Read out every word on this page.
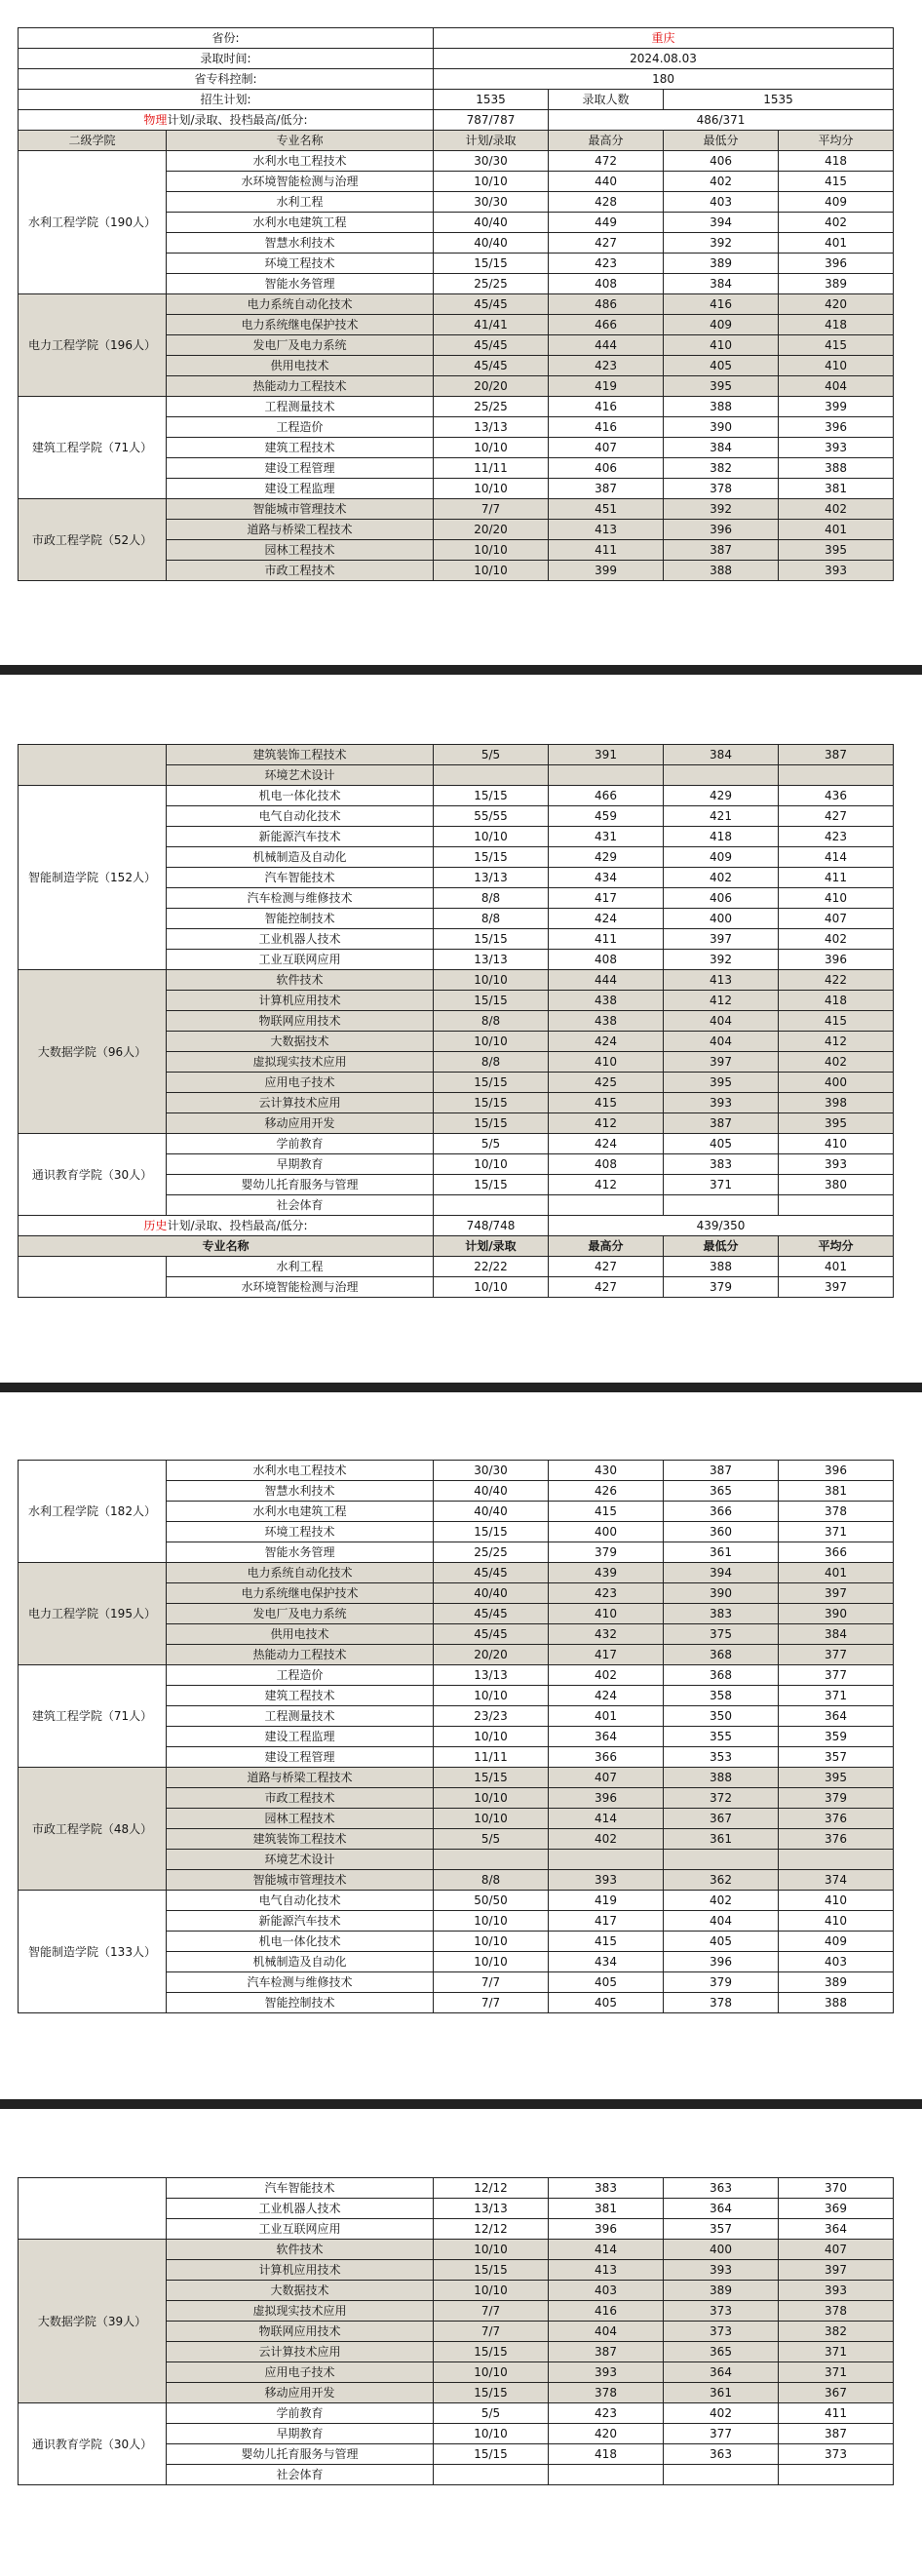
省份:		重庆			
录取时间:		2024.08.03			
省专科控制:		180			
招生计划:		1535	录取人数	1535	
物理计划/录取、投档最高/低分:		787/787	486/371		
二级学院	专业名称	计划/录取	最高分	最低分	平均分
水利工程学院（190人）	水利水电工程技术	30/30	472	406	418
	水环境智能检测与治理	10/10	440	402	415
	水利工程	30/30	428	403	409
	水利水电建筑工程	40/40	449	394	402
	智慧水利技术	40/40	427	392	401
	环境工程技术	15/15	423	389	396
	智能水务管理	25/25	408	384	389
电力工程学院（196人）	电力系统自动化技术	45/45	486	416	420
	电力系统继电保护技术	41/41	466	409	418
	发电厂及电力系统	45/45	444	410	415
	供用电技术	45/45	423	405	410
	热能动力工程技术	20/20	419	395	404
建筑工程学院（71人）	工程测量技术	25/25	416	388	399
	工程造价	13/13	416	390	396
	建筑工程技术	10/10	407	384	393
	建设工程管理	11/11	406	382	388
	建设工程监理	10/10	387	378	381
市政工程学院（52人）	智能城市管理技术	7/7	451	392	402
	道路与桥梁工程技术	20/20	413	396	401
	园林工程技术	10/10	411	387	395
	市政工程技术	10/10	399	388	393
	建筑装饰工程技术	5/5	391	384	387
	环境艺术设计				
智能制造学院（152人）	机电一体化技术	15/15	466	429	436
	电气自动化技术	55/55	459	421	427
	新能源汽车技术	10/10	431	418	423
	机械制造及自动化	15/15	429	409	414
	汽车智能技术	13/13	434	402	411
	汽车检测与维修技术	8/8	417	406	410
	智能控制技术	8/8	424	400	407
	工业机器人技术	15/15	411	397	402
	工业互联网应用	13/13	408	392	396
大数据学院（96人）	软件技术	10/10	444	413	422
	计算机应用技术	15/15	438	412	418
	物联网应用技术	8/8	438	404	415
	大数据技术	10/10	424	404	412
	虚拟现实技术应用	8/8	410	397	402
	应用电子技术	15/15	425	395	400
	云计算技术应用	15/15	415	393	398
	移动应用开发	15/15	412	387	395
通识教育学院（30人）	学前教育	5/5	424	405	410
	早期教育	10/10	408	383	393
	婴幼儿托育服务与管理	15/15	412	371	380
	社会体育				
历史计划/录取、投档最高/低分:		748/748	439/350		
专业名称		计划/录取	最高分	最低分	平均分
	水利工程	22/22	427	388	401
	水环境智能检测与治理	10/10	427	379	397
水利工程学院（182人）	水利水电工程技术	30/30	430	387	396
	智慧水利技术	40/40	426	365	381
	水利水电建筑工程	40/40	415	366	378
	环境工程技术	15/15	400	360	371
	智能水务管理	25/25	379	361	366
电力工程学院（195人）	电力系统自动化技术	45/45	439	394	401
	电力系统继电保护技术	40/40	423	390	397
	发电厂及电力系统	45/45	410	383	390
	供用电技术	45/45	432	375	384
	热能动力工程技术	20/20	417	368	377
建筑工程学院（71人）	工程造价	13/13	402	368	377
	建筑工程技术	10/10	424	358	371
	工程测量技术	23/23	401	350	364
	建设工程监理	10/10	364	355	359
	建设工程管理	11/11	366	353	357
市政工程学院（48人）	道路与桥梁工程技术	15/15	407	388	395
	市政工程技术	10/10	396	372	379
	园林工程技术	10/10	414	367	376
	建筑装饰工程技术	5/5	402	361	376
	环境艺术设计				
	智能城市管理技术	8/8	393	362	374
智能制造学院（133人）	电气自动化技术	50/50	419	402	410
	新能源汽车技术	10/10	417	404	410
	机电一体化技术	10/10	415	405	409
	机械制造及自动化	10/10	434	396	403
	汽车检测与维修技术	7/7	405	379	389
	智能控制技术	7/7	405	378	388
	汽车智能技术	12/12	383	363	370
	工业机器人技术	13/13	381	364	369
	工业互联网应用	12/12	396	357	364
大数据学院（39人）	软件技术	10/10	414	400	407
	计算机应用技术	15/15	413	393	397
	大数据技术	10/10	403	389	393
	虚拟现实技术应用	7/7	416	373	378
	物联网应用技术	7/7	404	373	382
	云计算技术应用	15/15	387	365	371
	应用电子技术	10/10	393	364	371
	移动应用开发	15/15	378	361	367
通识教育学院（30人）	学前教育	5/5	423	402	411
	早期教育	10/10	420	377	387
	婴幼儿托育服务与管理	15/15	418	363	373
	社会体育				
